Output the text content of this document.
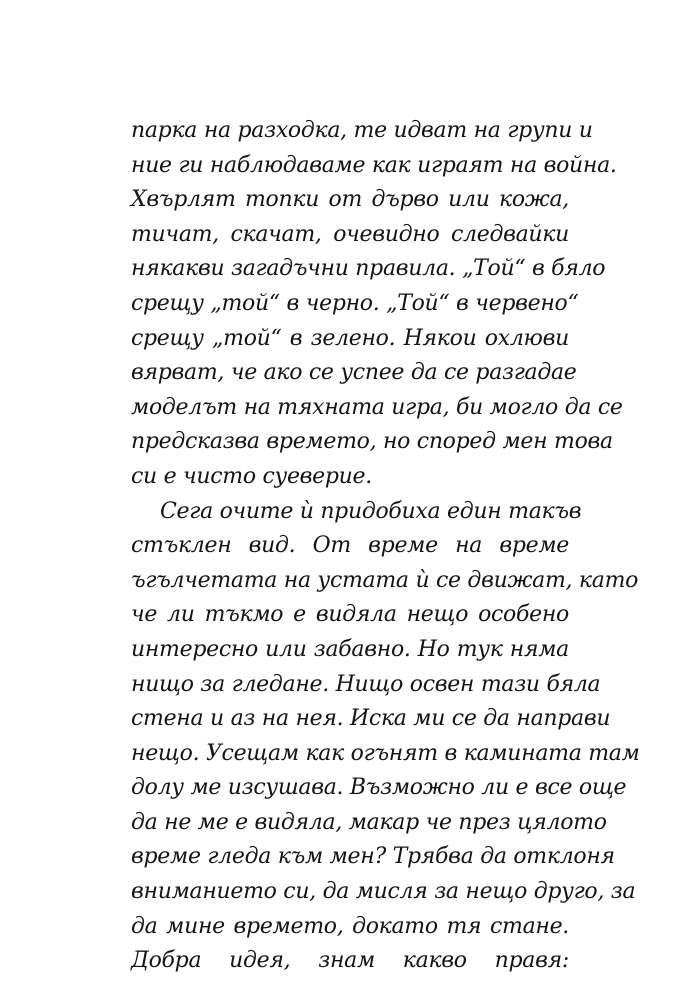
парка на разходка, те идват на групи и
ние ги наблюдаваме как играят на война.
Хвърлят топки от дърво или кожа,
тичат, скачат, очевидно следвайки
някакви загадъчни правила. „Той“ в бяло
срещу „той“ в черно. „Той“ в червено“
срещу „той“ в зелено. Някои охлюви
вярват, че ако се успее да се разгадае
моделът на тяхната игра, би могло да се
предсказва времето, но според мен това
си е чисто суеверие.
Сега очите ѝ придобиха един такъв
стъклен вид. От време на време
ъгълчетата на устата ѝ се движат, като
че ли тъкмо е видяла нещо особено
интересно или забавно. Но тук няма
нищо за гледане. Нищо освен тази бяла
стена и аз на нея. Иска ми се да направи
нещо. Усещам как огънят в камината там
долу ме изсушава. Възможно ли е все още
да не ме е видяла, макар че през цялото
време гледа към мен? Трябва да отклоня
вниманието си, да мисля за нещо друго, за
да мине времето, докато тя стане.
Добра идея, знам какво правя:
